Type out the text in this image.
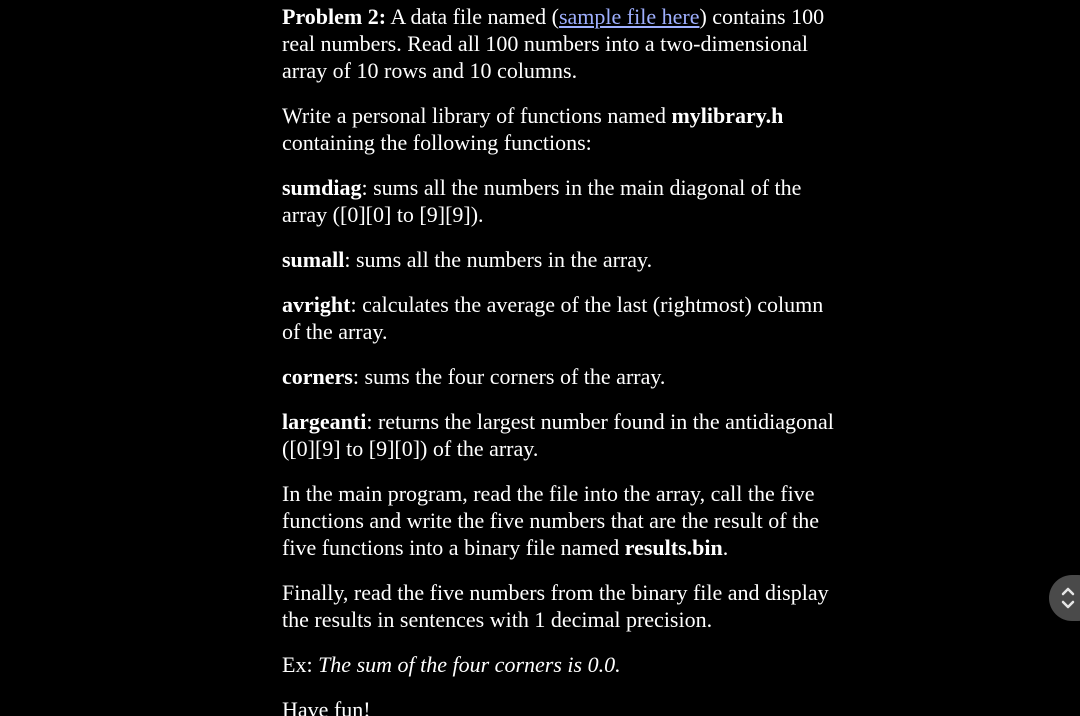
Problem 2: A data file named (sample file here) contains 100 real numbers. Read all 100 numbers into a two-dimensional array of 10 rows and 10 columns.

Write a personal library of functions named mylibrary.h containing the following functions:

sumdiag: sums all the numbers in the main diagonal of the array ([0][0] to [9][9]).

sumall: sums all the numbers in the array.

avright: calculates the average of the last (rightmost) column of the array.

corners: sums the four corners of the array.

largeanti: returns the largest number found in the antidiagonal ([0][9] to [9][0]) of the array.

In the main program, read the file into the array, call the five functions and write the five numbers that are the result of the five functions into a binary file named results.bin.

Finally, read the five numbers from the binary file and display the results in sentences with 1 decimal precision.

Ex: The sum of the four corners is 0.0.

Have fun!
